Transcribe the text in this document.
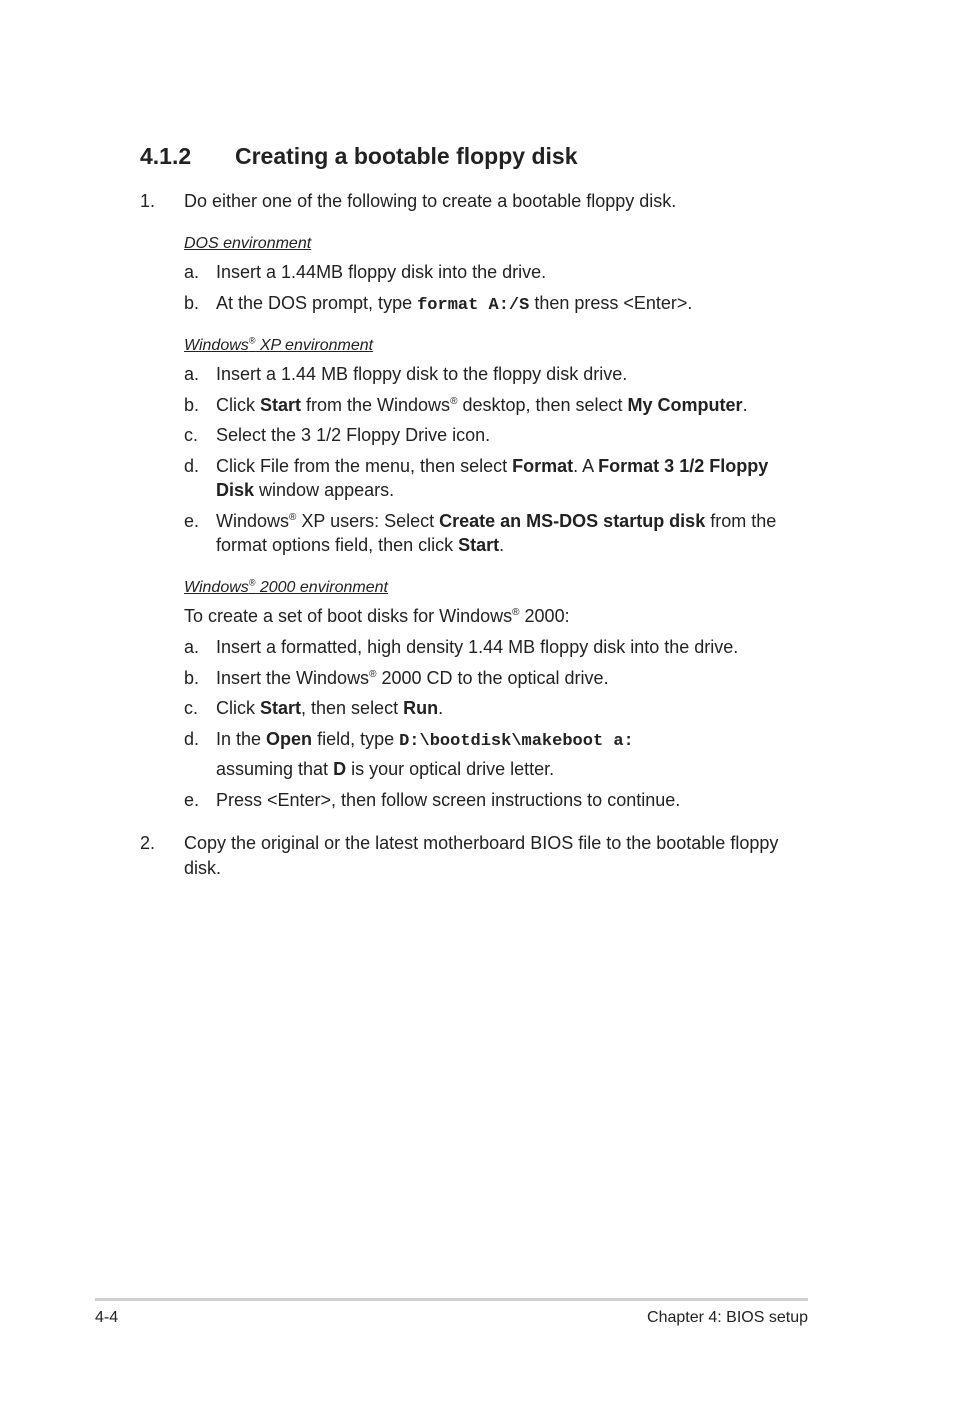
4.1.2 Creating a bootable floppy disk
1. Do either one of the following to create a bootable floppy disk.
DOS environment
a. Insert a 1.44MB floppy disk into the drive.
b. At the DOS prompt, type format A:/S then press <Enter>.
Windows® XP environment
a. Insert a 1.44 MB floppy disk to the floppy disk drive.
b. Click Start from the Windows® desktop, then select My Computer.
c. Select the 3 1/2 Floppy Drive icon.
d. Click File from the menu, then select Format. A Format 3 1/2 Floppy
Disk window appears.
e. Windows® XP users: Select Create an MS-DOS startup disk from the
format options field, then click Start.
Windows® 2000 environment
To create a set of boot disks for Windows® 2000:
a. Insert a formatted, high density 1.44 MB floppy disk into the drive.
b. Insert the Windows® 2000 CD to the optical drive.
c. Click Start, then select Run.
d. In the Open field, type D:\bootdisk\makeboot a:
assuming that D is your optical drive letter.
e. Press <Enter>, then follow screen instructions to continue.
2. Copy the original or the latest motherboard BIOS file to the bootable floppy
disk.
4-4	Chapter 4: BIOS setup
